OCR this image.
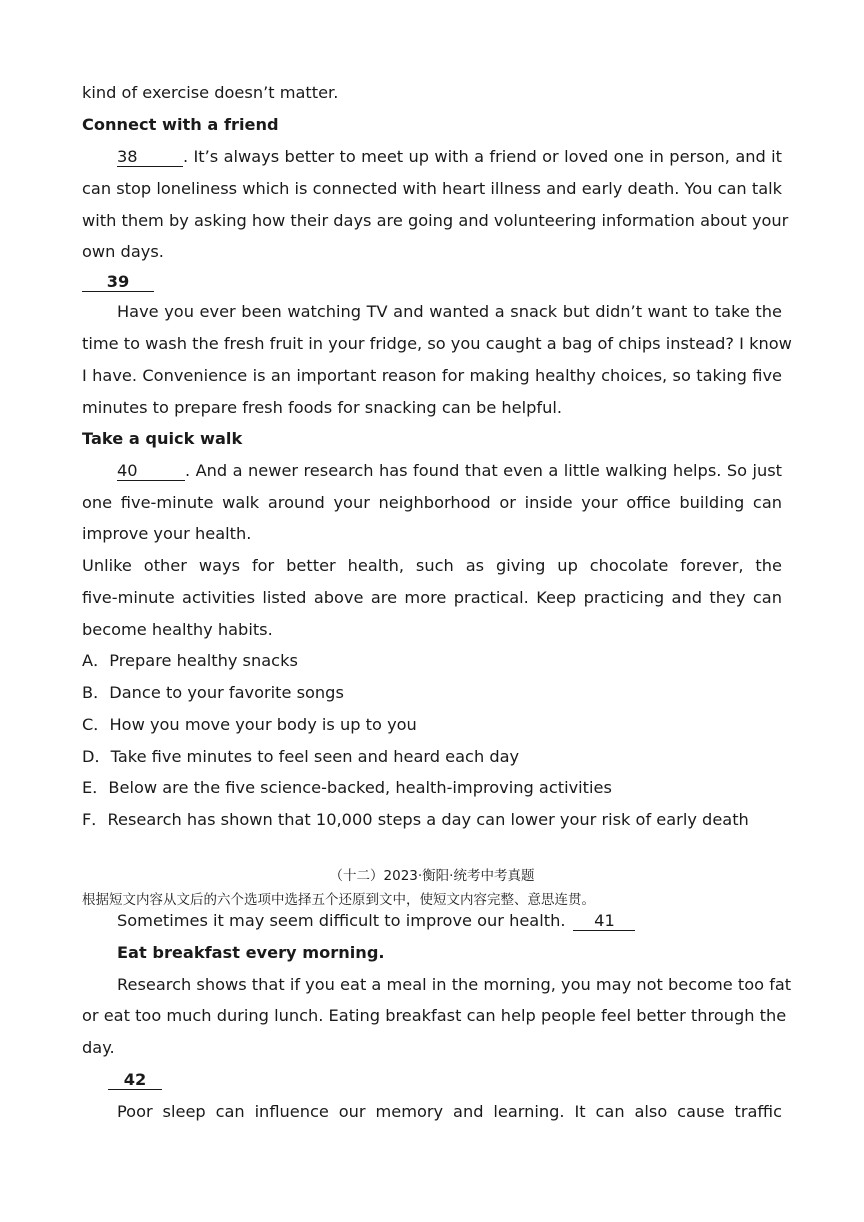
kind of exercise doesn’t matter.
Connect with a friend
38	. It’s always better to meet up with a friend or loved one in person, and it
can stop loneliness which is connected with heart illness and early death. You can talk
with them by asking how their days are going and volunteering information about your
own days.
39
Have you ever been watching TV and wanted a snack but didn’t want to take the
time to wash the fresh fruit in your fridge, so you caught a bag of chips instead? I know
I have. Convenience is an important reason for making healthy choices, so taking five
minutes to prepare fresh foods for snacking can be helpful.
Take a quick walk
40	. And a newer research has found that even a little walking helps. So just
one five-minute walk around your neighborhood or inside your office building can
improve your health.
Unlike other ways for better health, such as giving up chocolate forever, the
five-minute activities listed above are more practical. Keep practicing and they can
become healthy habits.
A．Prepare healthy snacks
B．Dance to your favorite songs
C．How you move your body is up to you
D．Take five minutes to feel seen and heard each day
E．Below are the five science-backed, health-improving activities
F．Research has shown that 10,000 steps a day can lower your risk of early death
（十二）2023·衡阳·统考中考真题
根据短文内容从文后的六个选项中选择五个还原到文中，使短文内容完整、意思连贯。
Sometimes it may seem difficult to improve our health. 41
Eat breakfast every morning.
Research shows that if you eat a meal in the morning, you may not become too fat
or eat too much during lunch. Eating breakfast can help people feel better through the
day.
42
Poor sleep can influence our memory and learning. It can also cause traffic
